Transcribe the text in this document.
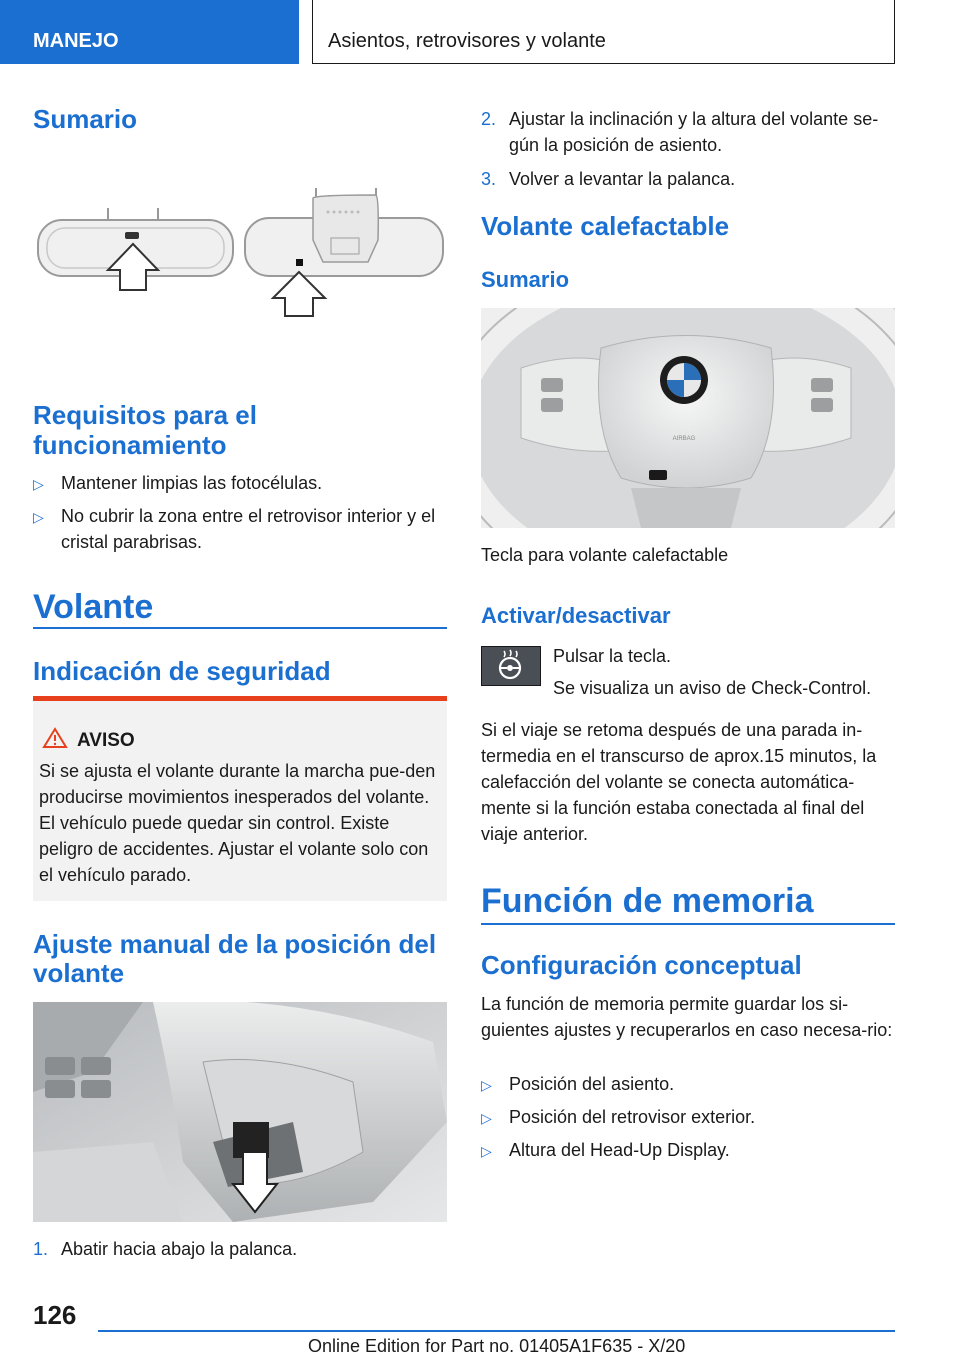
MANEJO	Asientos, retrovisores y volante
Sumario
Requisitos para el funcionamiento
▷ Mantener limpias las fotocélulas.
▷ No cubrir la zona entre el retrovisor interior y el cristal parabrisas.
Volante
Indicación de seguridad
AVISO
Si se ajusta el volante durante la marcha pue-den producirse movimientos inesperados del volante. El vehículo puede quedar sin control. Existe peligro de accidentes. Ajustar el volante solo con el vehículo parado.
Ajuste manual de la posición del volante
1. Abatir hacia abajo la palanca.
2. Ajustar la inclinación y la altura del volante se-gún la posición de asiento.
3. Volver a levantar la palanca.
Volante calefactable
Sumario
AIRBAG
Tecla para volante calefactable
Activar/desactivar
Pulsar la tecla.
Se visualiza un aviso de Check-Control.
Si el viaje se retoma después de una parada in-termedia en el transcurso de aprox.15 minutos, la calefacción del volante se conecta automática-mente si la función estaba conectada al final del viaje anterior.
Función de memoria
Configuración conceptual
La función de memoria permite guardar los si-guientes ajustes y recuperarlos en caso necesa-rio:
▷ Posición del asiento.
▷ Posición del retrovisor exterior.
▷ Altura del Head-Up Display.
126
Online Edition for Part no. 01405A1F635 - X/20
